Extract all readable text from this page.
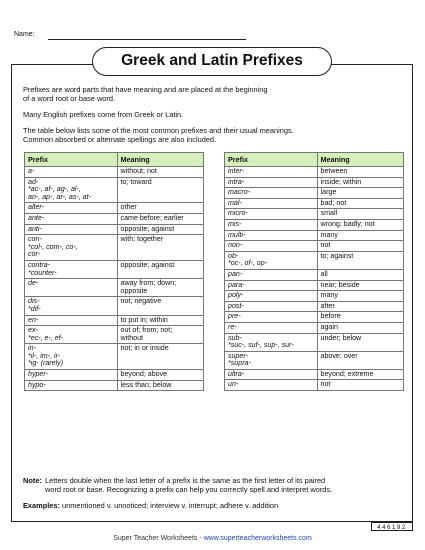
Name:
Greek and Latin Prefixes
Prefixes are word parts that have meaning and are placed at the beginning
of a word root or base word.
Many English prefixes come from Greek or Latin.
The table below lists some of the most common prefixes and their usual meanings.
Common absorbed or alternate spellings are also included.
Prefix	Meaning
a-	without; not
ad-
*ac-, af-, ag-, al-,
an-, ap-, ar-, as-, at-	to; toward
alter-	other
ante-	came before; earlier
anti-	opposite; against
con-
*col-, com-, co-,
cor-	with; together
contra-
*counter-	opposite; against
de-	away from; down;
opposite
dis-
*dif-	not; negative
en-	to put in; within
ex-
*ec-, e-, ef-	out of; from; not;
without
in-
*il-, im-, ir-
*ig- (rarely)	not; in or inside
hyper-	beyond; above
hypo-	less than; below
Prefix	Meaning
inter-	between
intra-	inside; within
macro-	large
mal-	bad; not
micro-	small
mis-	wrong; badly; not
multi-	many
non-	not
ob-
*oc-, of-, op-	to; against
pan-	all
para-	near; beside
poly-	many
post-	after
pre-	before
re-	again
sub-
*suc-, suf-, sup-, sur-	under; below
super-
*supra-	above; over
ultra-	beyond; extreme
un-	not
Note: Letters double when the last letter of a prefix is the same as the first letter of its paired
word root or base. Recognizing a prefix can help you correctly spell and interpret words.
Examples: unmentioned v. unnoticed; interview v. interrupt; adhere v. addition
446192
Super Teacher Worksheets - www.superteacherworksheets.com
